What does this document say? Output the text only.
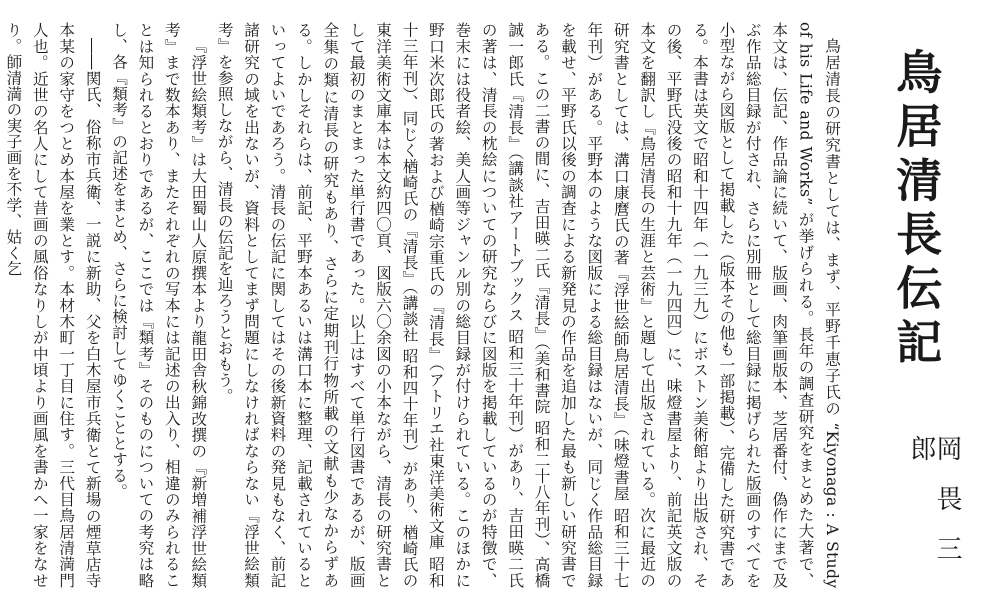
鳥居清長伝記
岡畏三郎

鳥居清長の研究書としては、まず、平野千恵子氏の “Kiyonaga : A Study of his Life and Works” が挙げられる。長年の調査研究をまとめた大著で、本文は、伝記、作品論に続いて、版画、肉筆画版本、芝居番付、偽作にまで及ぶ作品総目録が付され、さらに別冊として総目録に掲げられた版画のすべてを小型ながら図版として掲載した（版本その他も一部掲載）、完備した研究書である。本書は英文で昭和十四年（一九三九）にボストン美術館より出版され、その後、平野氏没後の昭和十九年（一九四四）に、味燈書屋より、前記英文版の本文を翻訳し『鳥居清長の生涯と芸術』と題して出版されている。次に最近の研究書としては、溝口康麿氏の著『浮世絵師鳥居清長』（味燈書屋 昭和三十七年刊）がある。平野本のような図版による総目録はないが、同じく作品総目録を載せ、平野氏以後の調査による新発見の作品を追加した最も新しい研究書である。この二書の間に、吉田暎二氏『清長』（美和書院 昭和二十八年刊）、高橋誠一郎氏『清長』（講談社アートブックス 昭和三十年刊）があり、吉田暎二氏の著は、清長の枕絵についての研究ならびに図版を掲載しているのが特徴で、巻末には役者絵、美人画等ジャンル別の総目録が付けられている。このほかに野口米次郎氏の著および楢崎宗重氏の『清長』（アトリエ社東洋美術文庫 昭和十三年刊）、同じく楢崎氏の『清長』（講談社 昭和四十年刊）があり、楢崎氏の東洋美術文庫本は本文約四〇頁、図版六〇余図の小本ながら、清長の研究書として最初のまとまった単行書であった。以上はすべて単行図書であるが、版画全集の類に清長の研究もあり、さらに定期刊行物所載の文献も少なからずある。しかしそれらは、前記、平野本あるいは溝口本に整理、記載されているといってよいであろう。清長の伝記に関してはその後新資料の発見もなく、前記諸研究の域を出ないが、資料としてまず問題にしなければならない『浮世絵類考』を参照しながら、清長の伝記を辿ろうとおもう。

『浮世絵類考』は大田蜀山人原撰本より龍田舎秋錦改撰の『新増補浮世絵類考』まで数本あり、またそれぞれの写本には記述の出入り、相違のみられることは知られるとおりであるが、ここでは『類考』そのものについての考究は略し、各『類考』の記述をまとめ、さらに検討してゆくこととする。

――関氏、俗称市兵衛、一説に新助、父を白木屋市兵衛とて新場の煙草店寺本某の家守をつとめ本屋を業とす。本材木町一丁目に住す。三代目鳥居清満門人也。近世の名人にして昔画の風俗なりしが中頃より画風を書かへ一家をなせり。師清満の実子画を不学、姑く乞
